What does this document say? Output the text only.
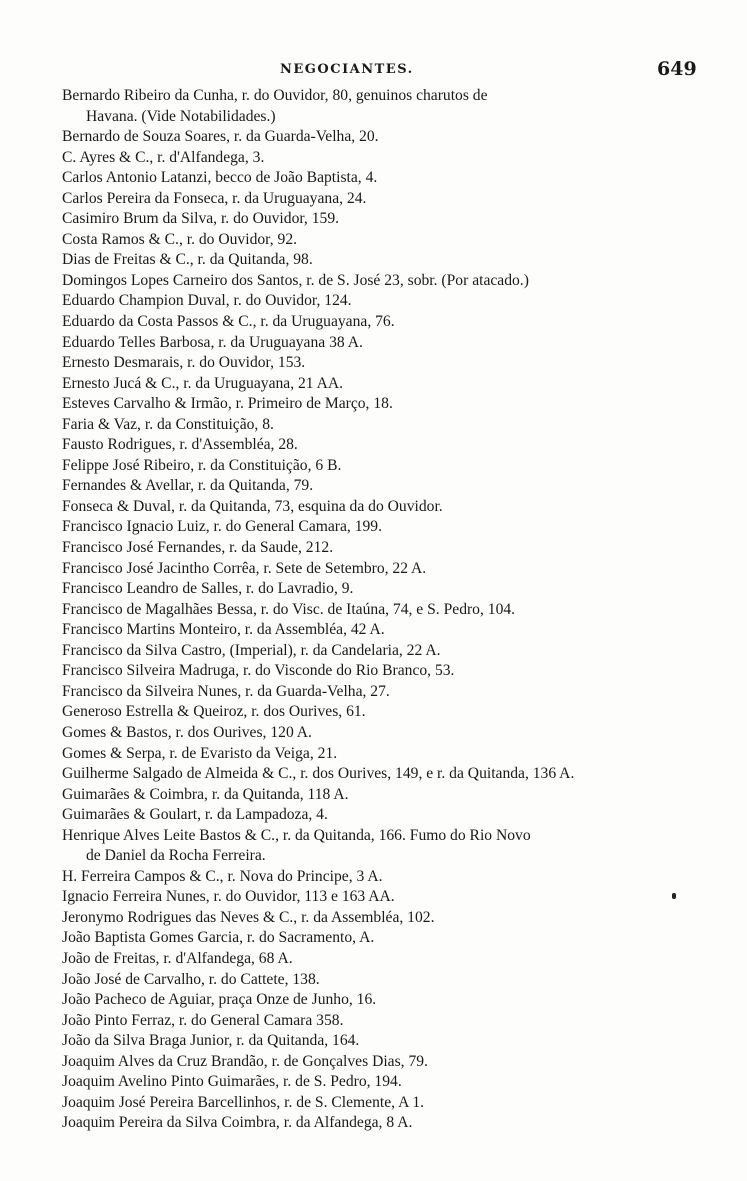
NEGOCIANTES.	649
Bernardo Ribeiro da Cunha, r. do Ouvidor, 80, genuinos charutos de
Havana. (Vide Notabilidades.)
Bernardo de Souza Soares, r. da Guarda-Velha, 20.
C. Ayres & C., r. d'Alfandega, 3.
Carlos Antonio Latanzi, becco de João Baptista, 4.
Carlos Pereira da Fonseca, r. da Uruguayana, 24.
Casimiro Brum da Silva, r. do Ouvidor, 159.
Costa Ramos & C., r. do Ouvidor, 92.
Dias de Freitas & C., r. da Quitanda, 98.
Domingos Lopes Carneiro dos Santos, r. de S. José 23, sobr. (Por atacado.)
Eduardo Champion Duval, r. do Ouvidor, 124.
Eduardo da Costa Passos & C., r. da Uruguayana, 76.
Eduardo Telles Barbosa, r. da Uruguayana 38 A.
Ernesto Desmarais, r. do Ouvidor, 153.
Ernesto Jucá & C., r. da Uruguayana, 21 AA.
Esteves Carvalho & Irmão, r. Primeiro de Março, 18.
Faria & Vaz, r. da Constituição, 8.
Fausto Rodrigues, r. d'Assembléa, 28.
Felippe José Ribeiro, r. da Constituição, 6 B.
Fernandes & Avellar, r. da Quitanda, 79.
Fonseca & Duval, r. da Quitanda, 73, esquina da do Ouvidor.
Francisco Ignacio Luiz, r. do General Camara, 199.
Francisco José Fernandes, r. da Saude, 212.
Francisco José Jacintho Corrêa, r. Sete de Setembro, 22 A.
Francisco Leandro de Salles, r. do Lavradio, 9.
Francisco de Magalhães Bessa, r. do Visc. de Itaúna, 74, e S. Pedro, 104.
Francisco Martins Monteiro, r. da Assembléa, 42 A.
Francisco da Silva Castro, (Imperial), r. da Candelaria, 22 A.
Francisco Silveira Madruga, r. do Visconde do Rio Branco, 53.
Francisco da Silveira Nunes, r. da Guarda-Velha, 27.
Generoso Estrella & Queiroz, r. dos Ourives, 61.
Gomes & Bastos, r. dos Ourives, 120 A.
Gomes & Serpa, r. de Evaristo da Veiga, 21.
Guilherme Salgado de Almeida & C., r. dos Ourives, 149, e r. da Quitanda, 136 A.
Guimarães & Coimbra, r. da Quitanda, 118 A.
Guimarães & Goulart, r. da Lampadoza, 4.
Henrique Alves Leite Bastos & C., r. da Quitanda, 166. Fumo do Rio Novo
de Daniel da Rocha Ferreira.
H. Ferreira Campos & C., r. Nova do Principe, 3 A.
Ignacio Ferreira Nunes, r. do Ouvidor, 113 e 163 AA.
Jeronymo Rodrigues das Neves & C., r. da Assembléa, 102.
João Baptista Gomes Garcia, r. do Sacramento, A.
João de Freitas, r. d'Alfandega, 68 A.
João José de Carvalho, r. do Cattete, 138.
João Pacheco de Aguiar, praça Onze de Junho, 16.
João Pinto Ferraz, r. do General Camara 358.
João da Silva Braga Junior, r. da Quitanda, 164.
Joaquim Alves da Cruz Brandão, r. de Gonçalves Dias, 79.
Joaquim Avelino Pinto Guimarães, r. de S. Pedro, 194.
Joaquim José Pereira Barcellinhos, r. de S. Clemente, A 1.
Joaquim Pereira da Silva Coimbra, r. da Alfandega, 8 A.
